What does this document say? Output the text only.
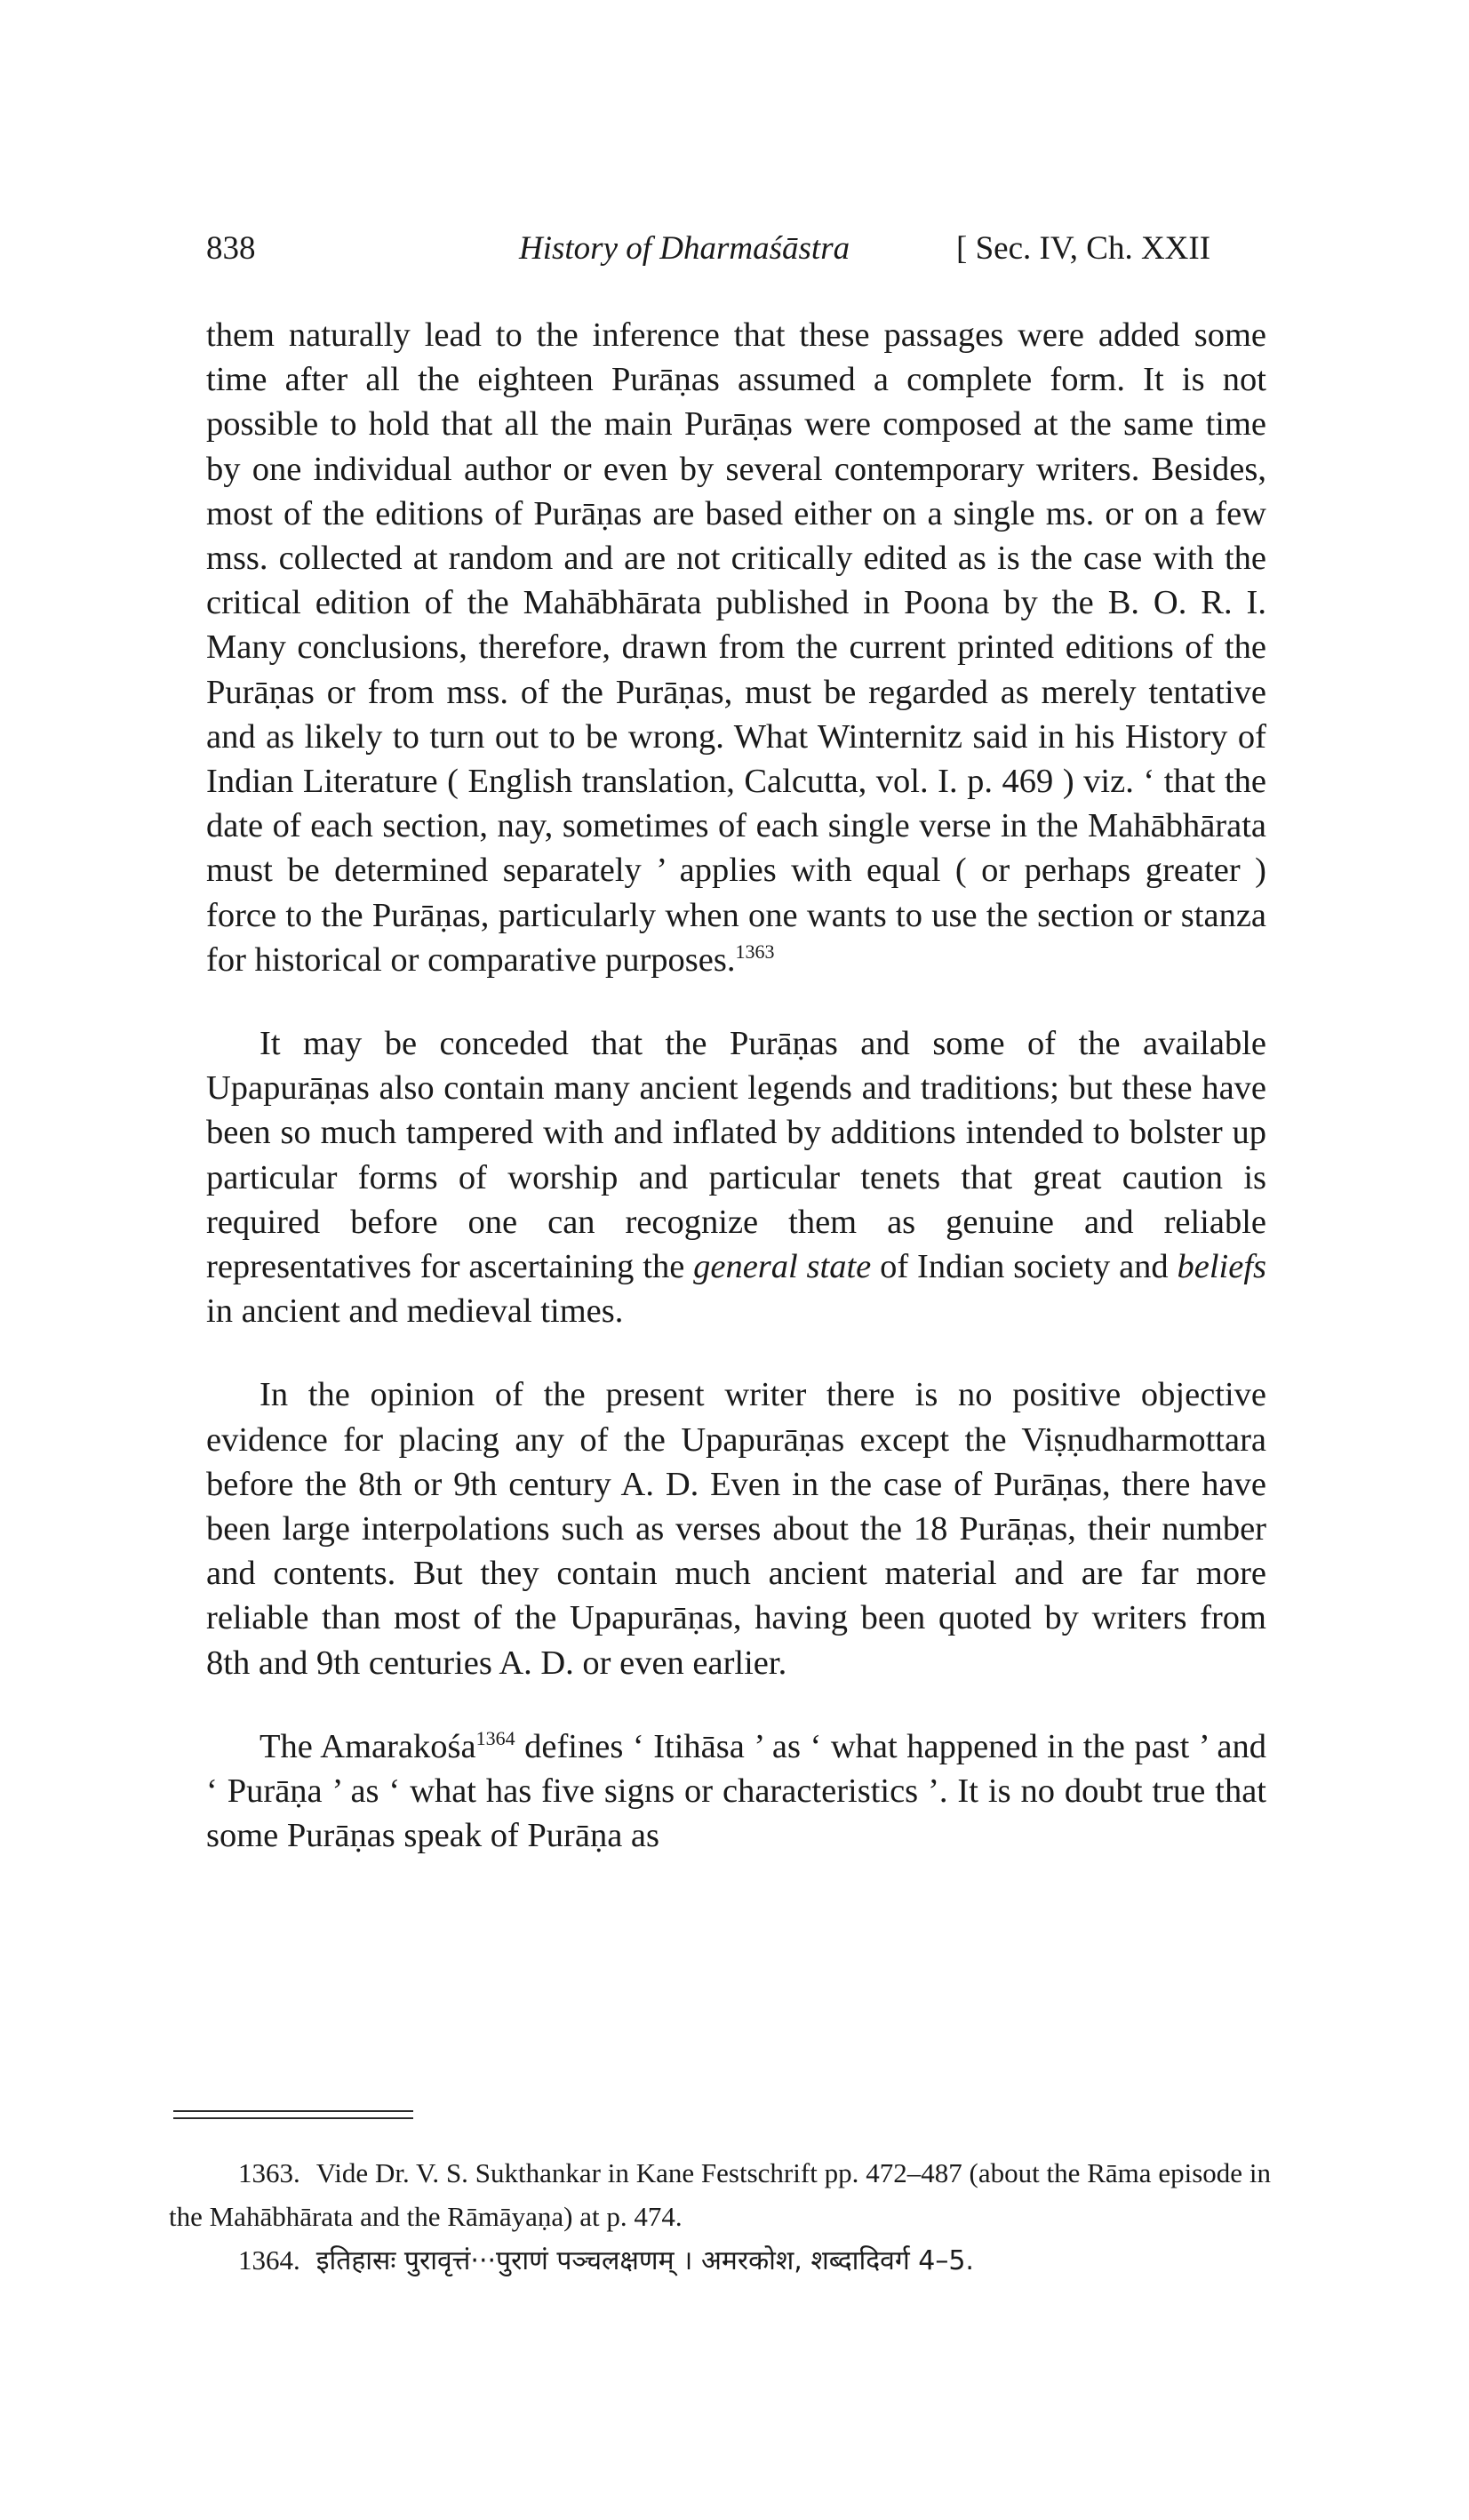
838	History of Dharmaśāstra	[ Sec. IV, Ch. XXII

them naturally lead to the inference that these passages were added some time after all the eighteen Purāṇas assumed a complete form. It is not possible to hold that all the main Purāṇas were composed at the same time by one individual author or even by several contemporary writers. Besides, most of the editions of Purāṇas are based either on a single ms. or on a few mss. collected at random and are not critically edited as is the case with the critical edition of the Mahābhārata published in Poona by the B. O. R. I. Many conclusions, therefore, drawn from the current printed editions of the Purāṇas or from mss. of the Purāṇas, must be regarded as merely tentative and as likely to turn out to be wrong. What Winternitz said in his History of Indian Literature ( English translation, Calcutta, vol. I. p. 469 ) viz. ‘ that the date of each section, nay, sometimes of each single verse in the Mahābhārata must be determined separately ’ applies with equal ( or perhaps greater ) force to the Purāṇas, particularly when one wants to use the section or stanza for historical or comparative purposes.$^{1363}$

It may be conceded that the Purāṇas and some of the available Upapurāṇas also contain many ancient legends and traditions; but these have been so much tampered with and inflated by additions intended to bolster up particular forms of worship and particular tenets that great caution is required before one can recognize them as genuine and reliable representatives for ascertaining the general state of Indian society and beliefs in ancient and medieval times.

In the opinion of the present writer there is no positive objective evidence for placing any of the Upapurāṇas except the Viṣṇudharmottara before the 8th or 9th century A. D. Even in the case of Purāṇas, there have been large interpolations such as verses about the 18 Purāṇas, their number and contents. But they contain much ancient material and are far more reliable than most of the Upapurāṇas, having been quoted by writers from 8th and 9th centuries A. D. or even earlier.

The Amarakośa$^{1364}$ defines ‘ Itihāsa ’ as ‘ what happened in the past ’ and ‘ Purāṇa ’ as ‘ what has five signs or characteristics ’. It is no doubt true that some Purāṇas speak of Purāṇa as

1363. Vide Dr. V. S. Sukthankar in Kane Festschrift pp. 472–487 (about the Rāma episode in the Mahābhārata and the Rāmāyaṇa) at p. 474.

1364. इतिहासः पुरावृत्तं···पुराणं पञ्चलक्षणम् । अमरकोश, शब्दादिवर्ग 4–5.
